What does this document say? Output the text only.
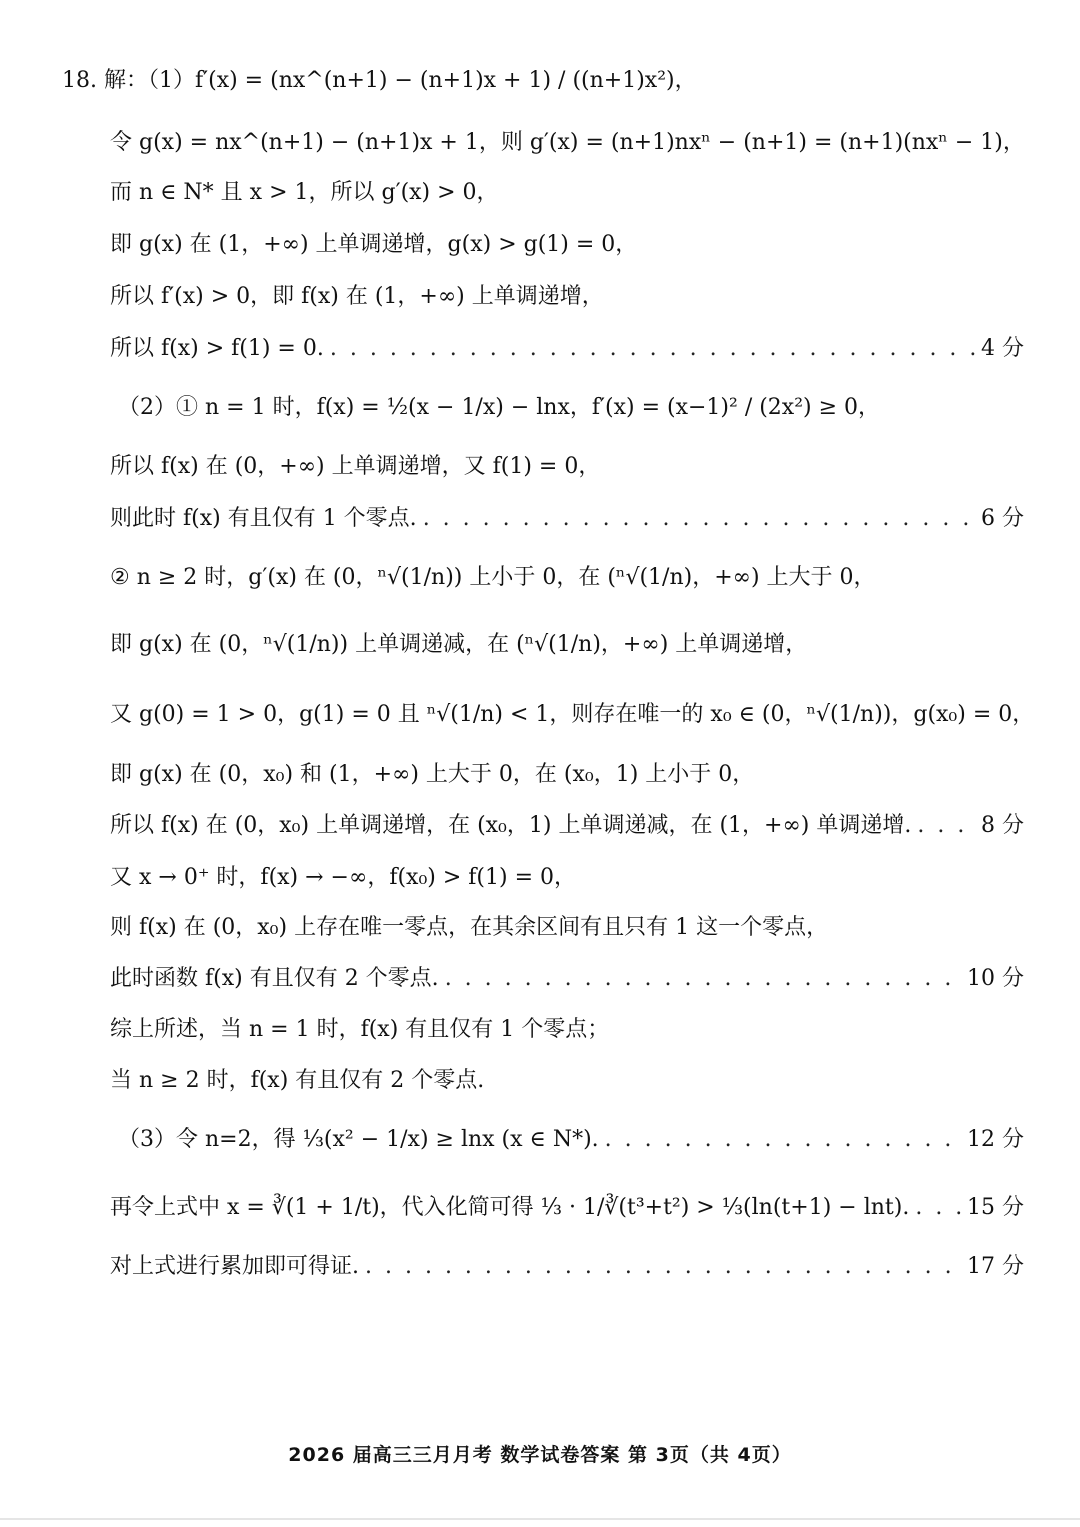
18. 解：（1）f′(x) = (nx^(n+1) − (n+1)x + 1) / ((n+1)x²)，
令 g(x) = nx^(n+1) − (n+1)x + 1，则 g′(x) = (n+1)nxⁿ − (n+1) = (n+1)(nxⁿ − 1)，
而 n ∈ N* 且 x > 1，所以 g′(x) > 0，
即 g(x) 在 (1，+∞) 上单调递增，g(x) > g(1) = 0，
所以 f′(x) > 0，即 f(x) 在 (1，+∞) 上单调递增，
所以 f(x) > f(1) = 0. . . .	4 分
（2）① n = 1 时，f(x) = ½(x − 1/x) − lnx，f′(x) = (x−1)² / (2x²) ≥ 0，
所以 f(x) 在 (0，+∞) 上单调递增，又 f(1) = 0，
则此时 f(x) 有且仅有 1 个零点. . . .	6 分
② n ≥ 2 时，g′(x) 在 (0，ⁿ√(1/n)) 上小于 0，在 (ⁿ√(1/n)，+∞) 上大于 0，
即 g(x) 在 (0，ⁿ√(1/n)) 上单调递减，在 (ⁿ√(1/n)，+∞) 上单调递增，
又 g(0) = 1 > 0，g(1) = 0 且 ⁿ√(1/n) < 1，则存在唯一的 x₀ ∈ (0，ⁿ√(1/n))，g(x₀) = 0，
即 g(x) 在 (0，x₀) 和 (1，+∞) 上大于 0，在 (x₀，1) 上小于 0，
所以 f(x) 在 (0，x₀) 上单调递增，在 (x₀，1) 上单调递减，在 (1，+∞) 单调递增. . . .	8 分
又 x → 0⁺ 时，f(x) → −∞，f(x₀) > f(1) = 0，
则 f(x) 在 (0，x₀) 上存在唯一零点，在其余区间有且只有 1 这一个零点，
此时函数 f(x) 有且仅有 2 个零点. . . .	10 分
综上所述，当 n = 1 时，f(x) 有且仅有 1 个零点；
当 n ≥ 2 时，f(x) 有且仅有 2 个零点.
（3）令 n=2，得 ⅓(x² − 1/x) ≥ lnx (x ∈ N*). . . .	12 分
再令上式中 x = ∛(1 + 1/t)，代入化简可得 ⅓ · 1/∛(t³+t²) > ⅓(ln(t+1) − lnt). . . .	15 分
对上式进行累加即可得证. . . .	17 分
2026 届高三三月月考 数学试卷答案 第 3页（共 4页）
